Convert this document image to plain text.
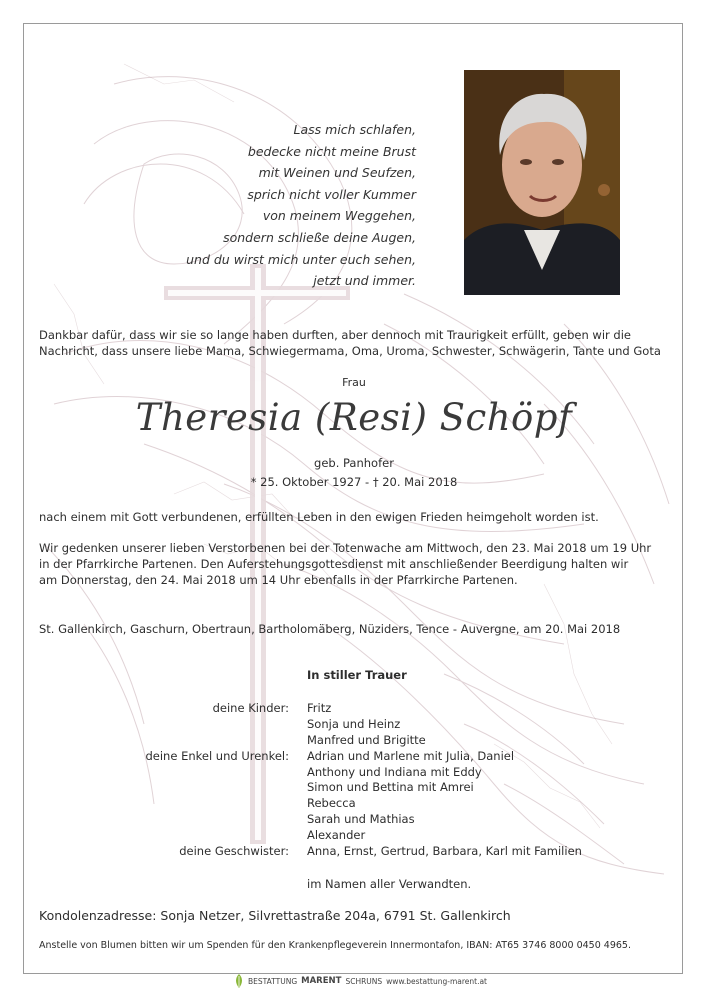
Lass mich schlafen,
bedecke nicht meine Brust
mit Weinen und Seufzen,
sprich nicht voller Kummer
von meinem Weggehen,
sondern schließe deine Augen,
und du wirst mich unter euch sehen,
jetzt und immer.
Dankbar dafür, dass wir sie so lange haben durften, aber dennoch mit Traurigkeit erfüllt, geben wir die
Nachricht, dass unsere liebe Mama, Schwiegermama, Oma, Uroma, Schwester, Schwägerin, Tante und Gota
Frau
Theresia (Resi) Schöpf
geb. Panhofer
* 25. Oktober 1927 - † 20. Mai 2018
nach einem mit Gott verbundenen, erfüllten Leben in den ewigen Frieden heimgeholt worden ist.
Wir gedenken unserer lieben Verstorbenen bei der Totenwache am Mittwoch, den 23. Mai 2018 um 19 Uhr
in der Pfarrkirche Partenen. Den Auferstehungsgottesdienst mit anschließender Beerdigung halten wir
am Donnerstag, den 24. Mai 2018 um 14 Uhr ebenfalls in der Pfarrkirche Partenen.
St. Gallenkirch, Gaschurn, Obertraun, Bartholomäberg, Nüziders, Tence - Auvergne, am 20. Mai 2018
In stiller Trauer
deine Kinder: Fritz
Sonja und Heinz
Manfred und Brigitte
deine Enkel und Urenkel: Adrian und Marlene mit Julia, Daniel
Anthony und Indiana mit Eddy
Simon und Bettina mit Amrei
Rebecca
Sarah und Mathias
Alexander
deine Geschwister: Anna, Ernst, Gertrud, Barbara, Karl mit Familien
im Namen aller Verwandten.
Kondolenzadresse: Sonja Netzer, Silvrettastraße 204a, 6791 St. Gallenkirch
Anstelle von Blumen bitten wir um Spenden für den Krankenpflegeverein Innermontafon, IBAN: AT65 3746 8000 0450 4965.
BESTATTUNG MARENT SCHRUNS www.bestattung-marent.at
